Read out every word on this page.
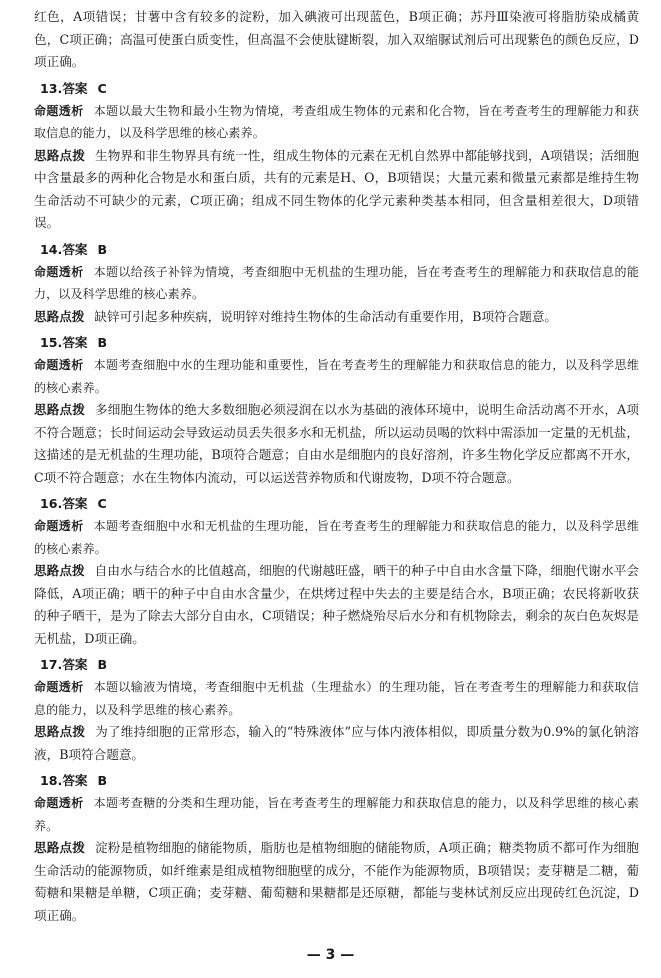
红色，A项错误；甘薯中含有较多的淀粉，加入碘液可出现蓝色，B项正确；苏丹Ⅲ染液可将脂肪染成橘黄色，C项正确；高温可使蛋白质变性，但高温不会使肽键断裂，加入双缩脲试剂后可出现紫色的颜色反应，D项正确。

13.答案 C

命题透析 本题以最大生物和最小生物为情境，考查组成生物体的元素和化合物，旨在考查考生的理解能力和获取信息的能力，以及科学思维的核心素养。

思路点拨 生物界和非生物界具有统一性，组成生物体的元素在无机自然界中都能够找到，A项错误；活细胞中含量最多的两种化合物是水和蛋白质，共有的元素是H、O，B项错误；大量元素和微量元素都是维持生物生命活动不可缺少的元素，C项正确；组成不同生物体的化学元素种类基本相同，但含量相差很大，D项错误。

14.答案 B

命题透析 本题以给孩子补锌为情境，考查细胞中无机盐的生理功能，旨在考查考生的理解能力和获取信息的能力，以及科学思维的核心素养。

思路点拨 缺锌可引起多种疾病，说明锌对维持生物体的生命活动有重要作用，B项符合题意。

15.答案 B

命题透析 本题考查细胞中水的生理功能和重要性，旨在考查考生的理解能力和获取信息的能力，以及科学思维的核心素养。

思路点拨 多细胞生物体的绝大多数细胞必须浸润在以水为基础的液体环境中，说明生命活动离不开水，A项不符合题意；长时间运动会导致运动员丢失很多水和无机盐，所以运动员喝的饮料中需添加一定量的无机盐，这描述的是无机盐的生理功能，B项符合题意；自由水是细胞内的良好溶剂，许多生物化学反应都离不开水，C项不符合题意；水在生物体内流动，可以运送营养物质和代谢废物，D项不符合题意。

16.答案 C

命题透析 本题考查细胞中水和无机盐的生理功能，旨在考查考生的理解能力和获取信息的能力，以及科学思维的核心素养。

思路点拨 自由水与结合水的比值越高，细胞的代谢越旺盛，晒干的种子中自由水含量下降，细胞代谢水平会降低，A项正确；晒干的种子中自由水含量少，在烘烤过程中失去的主要是结合水，B项正确；农民将新收获的种子晒干，是为了除去大部分自由水，C项错误；种子燃烧殆尽后水分和有机物除去，剩余的灰白色灰烬是无机盐，D项正确。

17.答案 B

命题透析 本题以输液为情境，考查细胞中无机盐（生理盐水）的生理功能，旨在考查考生的理解能力和获取信息的能力，以及科学思维的核心素养。

思路点拨 为了维持细胞的正常形态，输入的“特殊液体”应与体内液体相似，即质量分数为0.9%的氯化钠溶液，B项符合题意。

18.答案 B

命题透析 本题考查糖的分类和生理功能，旨在考查考生的理解能力和获取信息的能力，以及科学思维的核心素养。

思路点拨 淀粉是植物细胞的储能物质，脂肪也是植物细胞的储能物质，A项正确；糖类物质不都可作为细胞生命活动的能源物质，如纤维素是组成植物细胞壁的成分，不能作为能源物质，B项错误；麦芽糖是二糖，葡萄糖和果糖是单糖，C项正确；麦芽糖、葡萄糖和果糖都是还原糖，都能与斐林试剂反应出现砖红色沉淀，D项正确。

— 3 —
